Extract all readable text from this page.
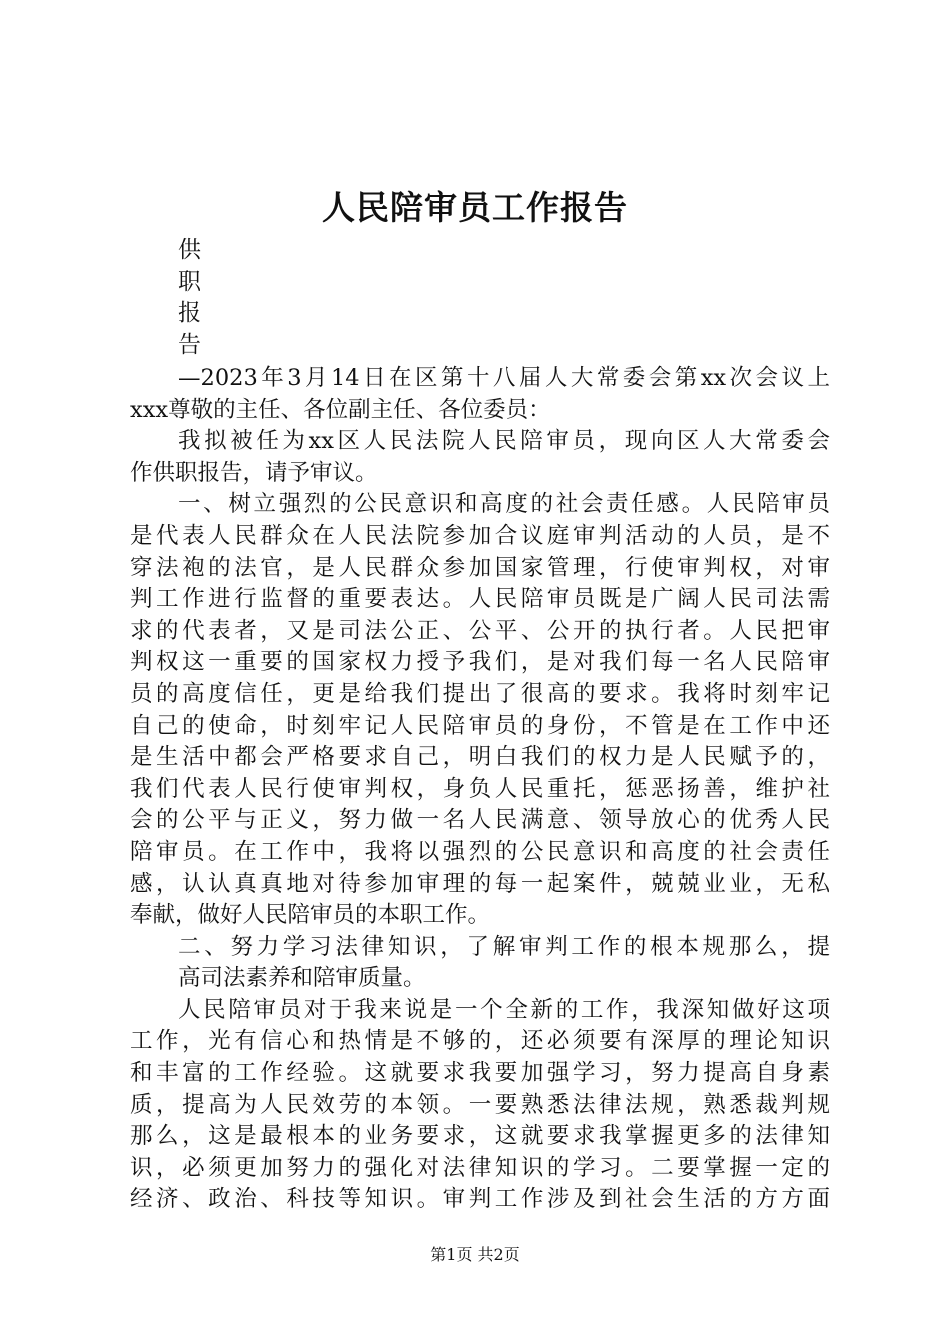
人民陪审员工作报告
供
职
报
告
—2023年3月14日在区第十八届人大常委会第xx次会议上
xxx尊敬的主任、各位副主任、各位委员：
我拟被任为xx区人民法院人民陪审员，现向区人大常委会
作供职报告，请予审议。
一、树立强烈的公民意识和高度的社会责任感。人民陪审员
是代表人民群众在人民法院参加合议庭审判活动的人员，是不
穿法袍的法官，是人民群众参加国家管理，行使审判权，对审
判工作进行监督的重要表达。人民陪审员既是广阔人民司法需
求的代表者，又是司法公正、公平、公开的执行者。人民把审
判权这一重要的国家权力授予我们，是对我们每一名人民陪审
员的高度信任，更是给我们提出了很高的要求。我将时刻牢记
自己的使命，时刻牢记人民陪审员的身份，不管是在工作中还
是生活中都会严格要求自己，明白我们的权力是人民赋予的，
我们代表人民行使审判权，身负人民重托，惩恶扬善，维护社
会的公平与正义，努力做一名人民满意、领导放心的优秀人民
陪审员。在工作中，我将以强烈的公民意识和高度的社会责任
感，认认真真地对待参加审理的每一起案件，兢兢业业，无私
奉献，做好人民陪审员的本职工作。
二、努力学习法律知识，了解审判工作的根本规那么，提
高司法素养和陪审质量。
人民陪审员对于我来说是一个全新的工作，我深知做好这项
工作，光有信心和热情是不够的，还必须要有深厚的理论知识
和丰富的工作经验。这就要求我要加强学习，努力提高自身素
质，提高为人民效劳的本领。一要熟悉法律法规，熟悉裁判规
那么，这是最根本的业务要求，这就要求我掌握更多的法律知
识，必须更加努力的强化对法律知识的学习。二要掌握一定的
经济、政治、科技等知识。审判工作涉及到社会生活的方方面
第1页 共2页
